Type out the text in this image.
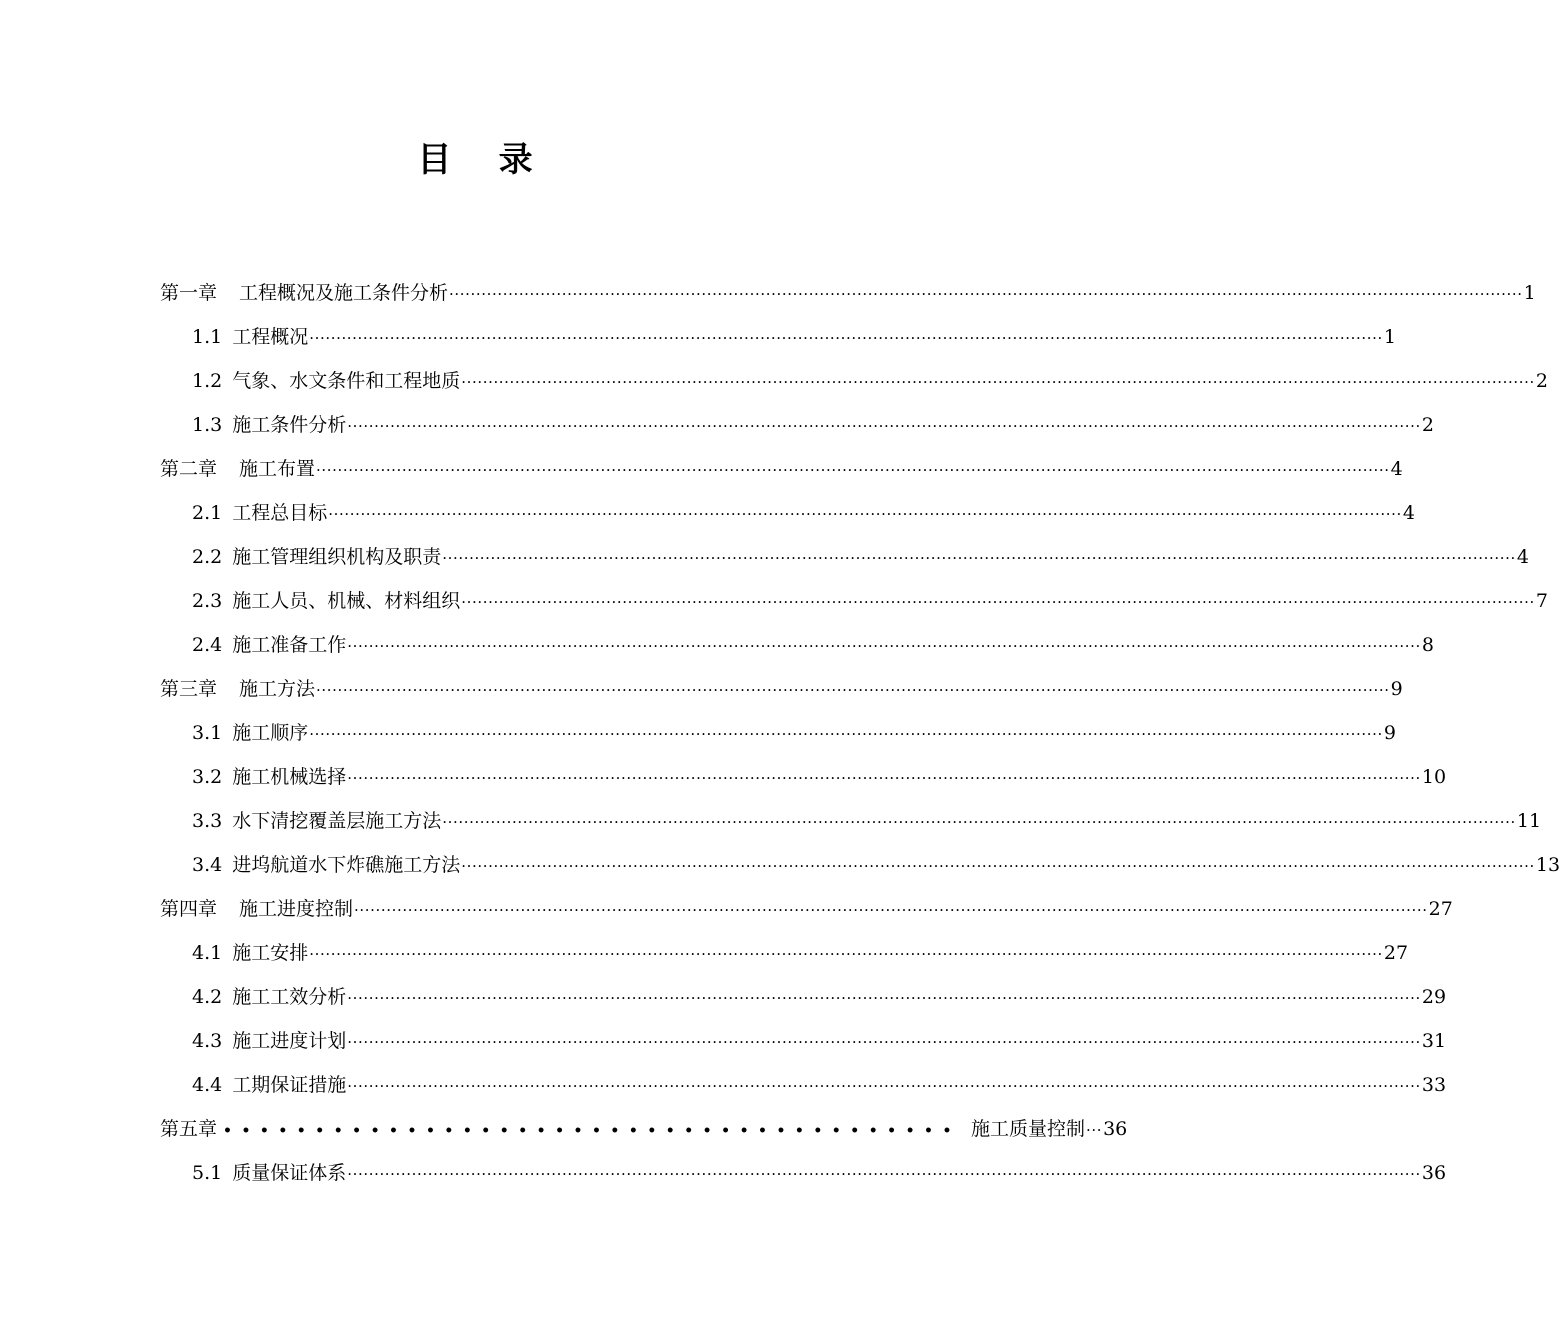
目    录
第一章 工程概况及施工条件分析 ········································································································································································································ 1
1.1 工程概况 ········································································································································································································ 1
1.2 气象、水文条件和工程地质 ········································································································································································································ 2
1.3 施工条件分析 ········································································································································································································ 2
第二章 施工布置 ········································································································································································································ 4
2.1 工程总目标 ········································································································································································································ 4
2.2 施工管理组织机构及职责 ········································································································································································································ 4
2.3 施工人员、机械、材料组织 ········································································································································································································ 7
2.4 施工准备工作 ········································································································································································································ 8
第三章 施工方法 ········································································································································································································ 9
3.1 施工顺序 ········································································································································································································ 9
3.2 施工机械选择 ········································································································································································································ 10
3.3 水下清挖覆盖层施工方法 ········································································································································································································ 11
3.4 进坞航道水下炸礁施工方法 ········································································································································································································ 13
第四章 施工进度控制 ········································································································································································································ 27
4.1 施工安排 ········································································································································································································ 27
4.2 施工工效分析 ········································································································································································································ 29
4.3 施工进度计划 ········································································································································································································ 31
4.4 工期保证措施 ········································································································································································································ 33
第五章 •••••••••••••••••••••••••••••••••••••••• 施工质量控制 ··· 36
5.1 质量保证体系 ········································································································································································································ 36
